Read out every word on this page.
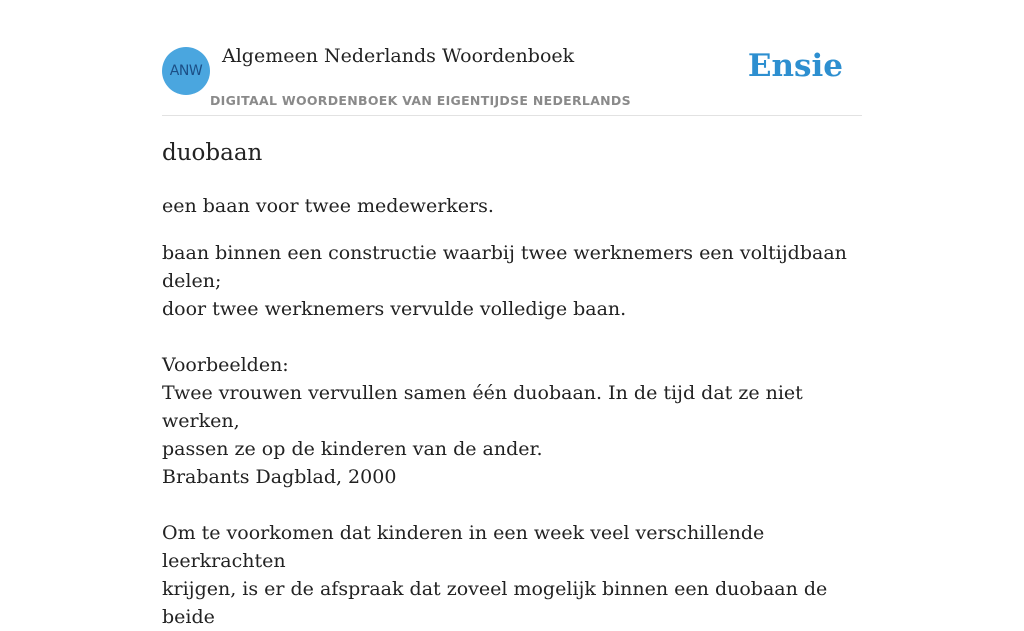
ANW
Algemeen Nederlands Woordenboek
DIGITAAL WOORDENBOEK VAN EIGENTIJDSE NEDERLANDS
Ensie
duobaan

een baan voor twee medewerkers.

baan binnen een constructie waarbij twee werknemers een voltijdbaan delen;
door twee werknemers vervulde volledige baan.
Voorbeelden:
Twee vrouwen vervullen samen één duobaan. In de tijd dat ze niet werken,
passen ze op de kinderen van de ander.
Brabants Dagblad, 2000
Om te voorkomen dat kinderen in een week veel verschillende leerkrachten
krijgen, is er de afspraak dat zoveel mogelijk binnen een duobaan de beide
